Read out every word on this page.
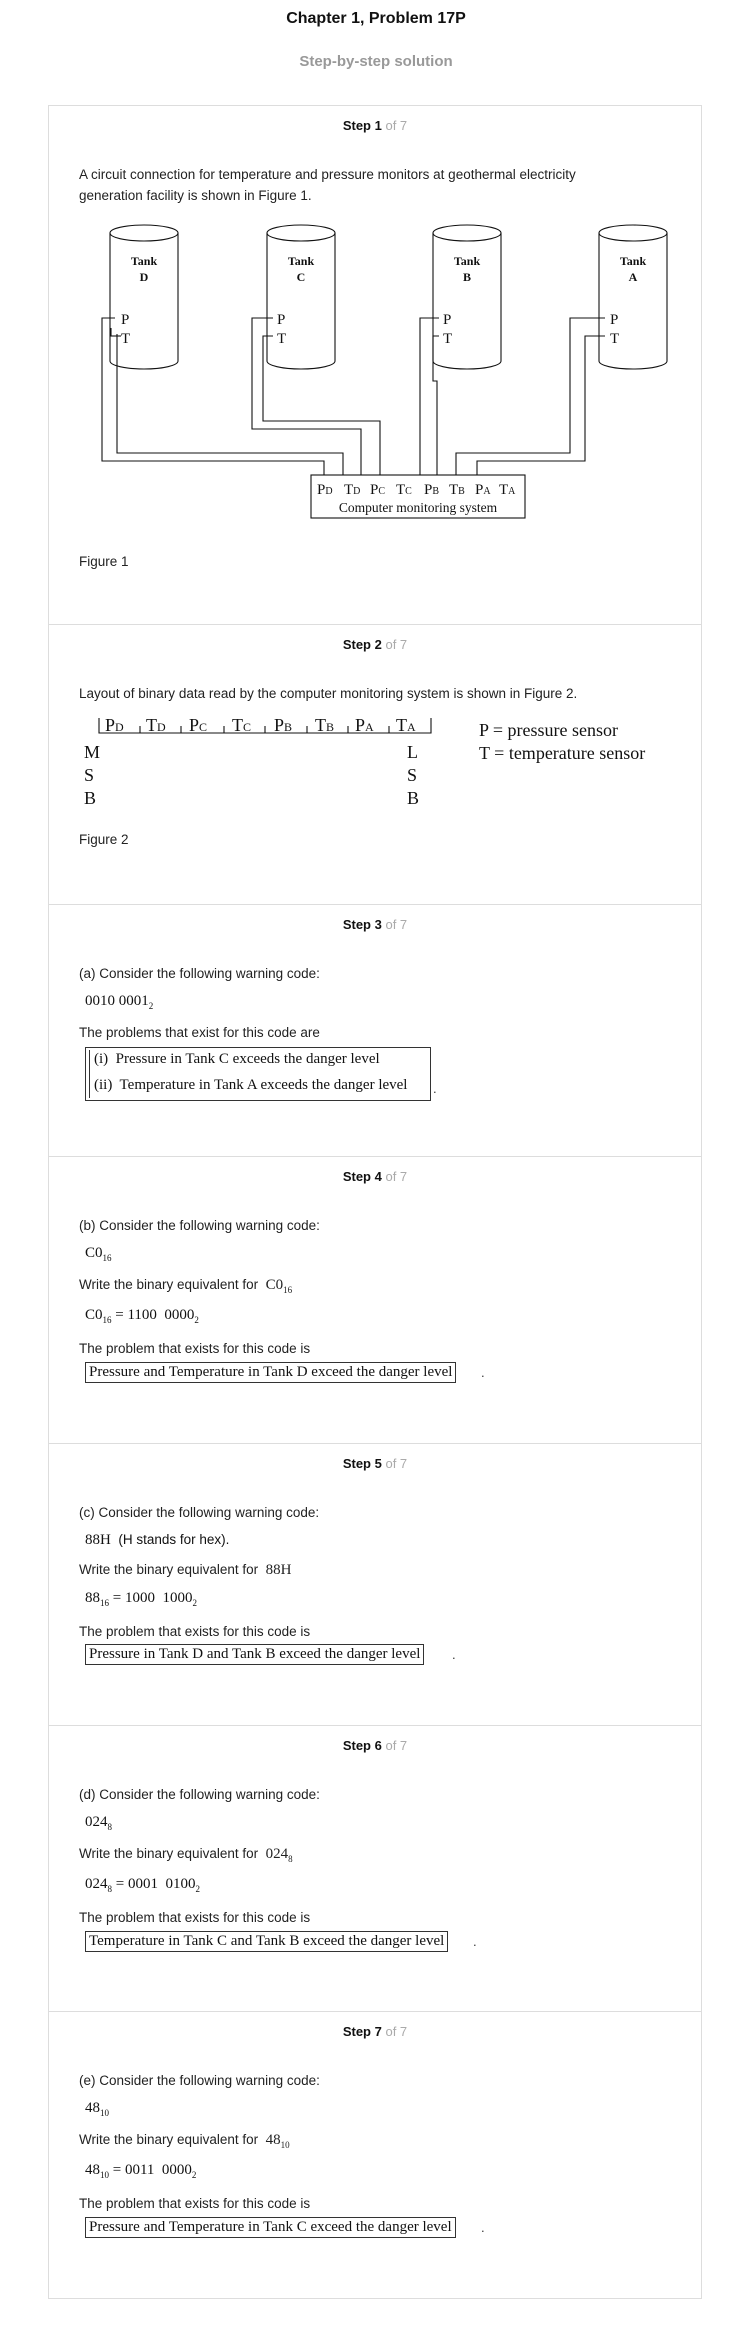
Chapter 1, Problem 17P
Step-by-step solution
Step 1 of 7
A circuit connection for temperature and pressure monitors at geothermal electricity generation facility is shown in Figure 1.
Tank
D
Tank
C
Tank
B
Tank
A
P
T
P
T
P
T
P
T
PD TD PC TC PB TB PA TA
Computer monitoring system
Figure 1
Step 2 of 7
Layout of binary data read by the computer monitoring system is shown in Figure 2.
PD TD PC TC PB TB PA TA
M
S
B
L
S
B
P = pressure sensor
T = temperature sensor
Figure 2
Step 3 of 7
(a) Consider the following warning code:
0010 $0001_2$
The problems that exist for this code are
(i)  Pressure in Tank C exceeds the danger level
(ii)  Temperature in Tank A exceeds the danger level .
Step 4 of 7
(b) Consider the following warning code:
$C0_{16}$
Write the binary equivalent for $C0_{16}$
$C0_{16} = 1100$  $0000_2$
The problem that exists for this code is
Pressure and Temperature in Tank D exceed the danger level	.
Step 5 of 7
(c) Consider the following warning code:
88H (H stands for hex).
Write the binary equivalent for 88H
$88_{16} = 1000$  $1000_2$
The problem that exists for this code is
Pressure in Tank D and Tank B exceed the danger level	.
Step 6 of 7
(d) Consider the following warning code:
$024_8$
Write the binary equivalent for $024_8$
$024_8 = 0001$  $0100_2$
The problem that exists for this code is
Temperature in Tank C and Tank B exceed the danger level	.
Step 7 of 7
(e) Consider the following warning code:
$48_{10}$
Write the binary equivalent for $48_{10}$
$48_{10} = 0011$  $0000_2$
The problem that exists for this code is
Pressure and Temperature in Tank C exceed the danger level	.
